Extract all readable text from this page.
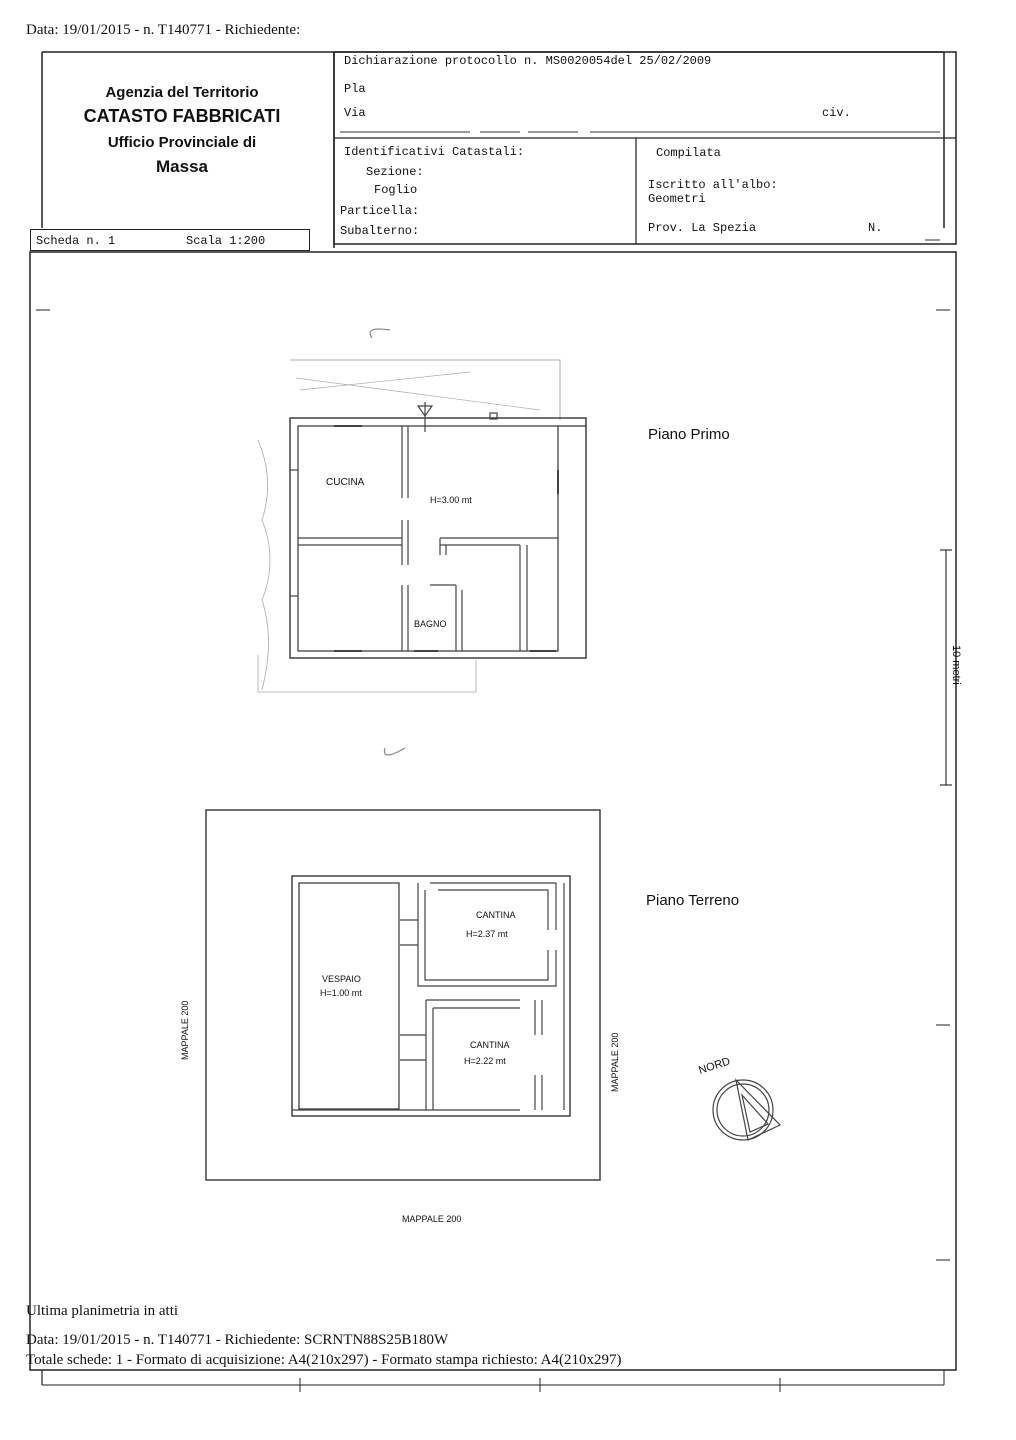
Data: 19/01/2015 - n. T140771 - Richiedente:
Agenzia del Territorio
CATASTO FABBRICATI
Ufficio Provinciale di
Massa
Scheda n. 1	Scala 1:200
Dichiarazione protocollo n. MS0020054del 25/02/2009
Pla
Via	civ.
Identificativi Catastali:
Sezione:
Foglio
Particella:
Subalterno:
Compilata
Iscritto all'albo:
Geometri
Prov. La Spezia	N.
CUCINA
H=3.00 mt
BAGNO
CANTINA
H=2.37 mt
CANTINA
H=2.22 mt
VESPAIO
H=1.00 mt
MAPPALE 200
MAPPALE 200
MAPPALE 200	NORD
10 metri
Piano Primo
Piano Terreno
Ultima planimetria in atti
Data: 19/01/2015 - n. T140771 - Richiedente: SCRNTN88S25B180W
Totale schede: 1 - Formato di acquisizione: A4(210x297) - Formato stampa richiesto: A4(210x297)
